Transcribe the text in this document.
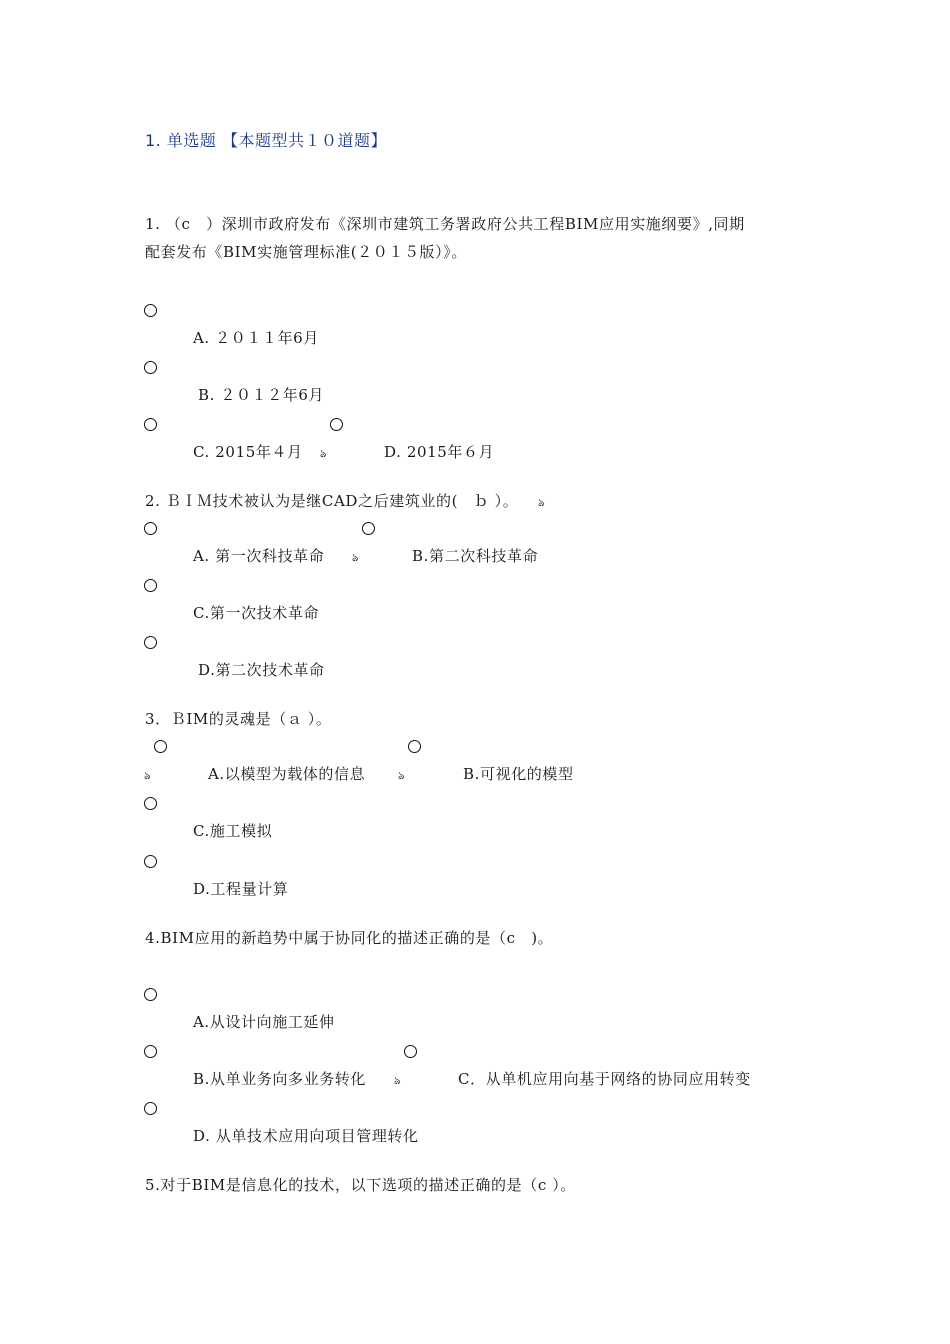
1. 单选题 【本题型共１０道题】
1. （c　）深圳市政府发布《深圳市建筑工务署政府公共工程BIM应用实施纲要》,同期
配套发布《BIM实施管理标准(２０１５版）》。
A. ２０１１年6月
B. ２０１２年6月
C. 2015年４月 ঌ	D. 2015年６月
2. ＢＩＭ技术被认为是继CAD之后建筑业的(　ｂ ）。 ঌ
A. 第一次科技革命	ঌ	B.第二次科技革命
C.第一次技术革命
D.第二次技术革命
3．ＢIM的灵魂是（ａ ）。
ঌ	A.以模型为载体的信息	ঌ	B.可视化的模型
C.施工模拟
D.工程量计算
4.BIM应用的新趋势中属于协同化的描述正确的是（c　)。
A.从设计向施工延伸
B.从单业务向多业务转化	ঌ	C．从单机应用向基于网络的协同应用转变
D. 从单技术应用向项目管理转化
5.对于BIM是信息化的技术，以下选项的描述正确的是（c ）。
